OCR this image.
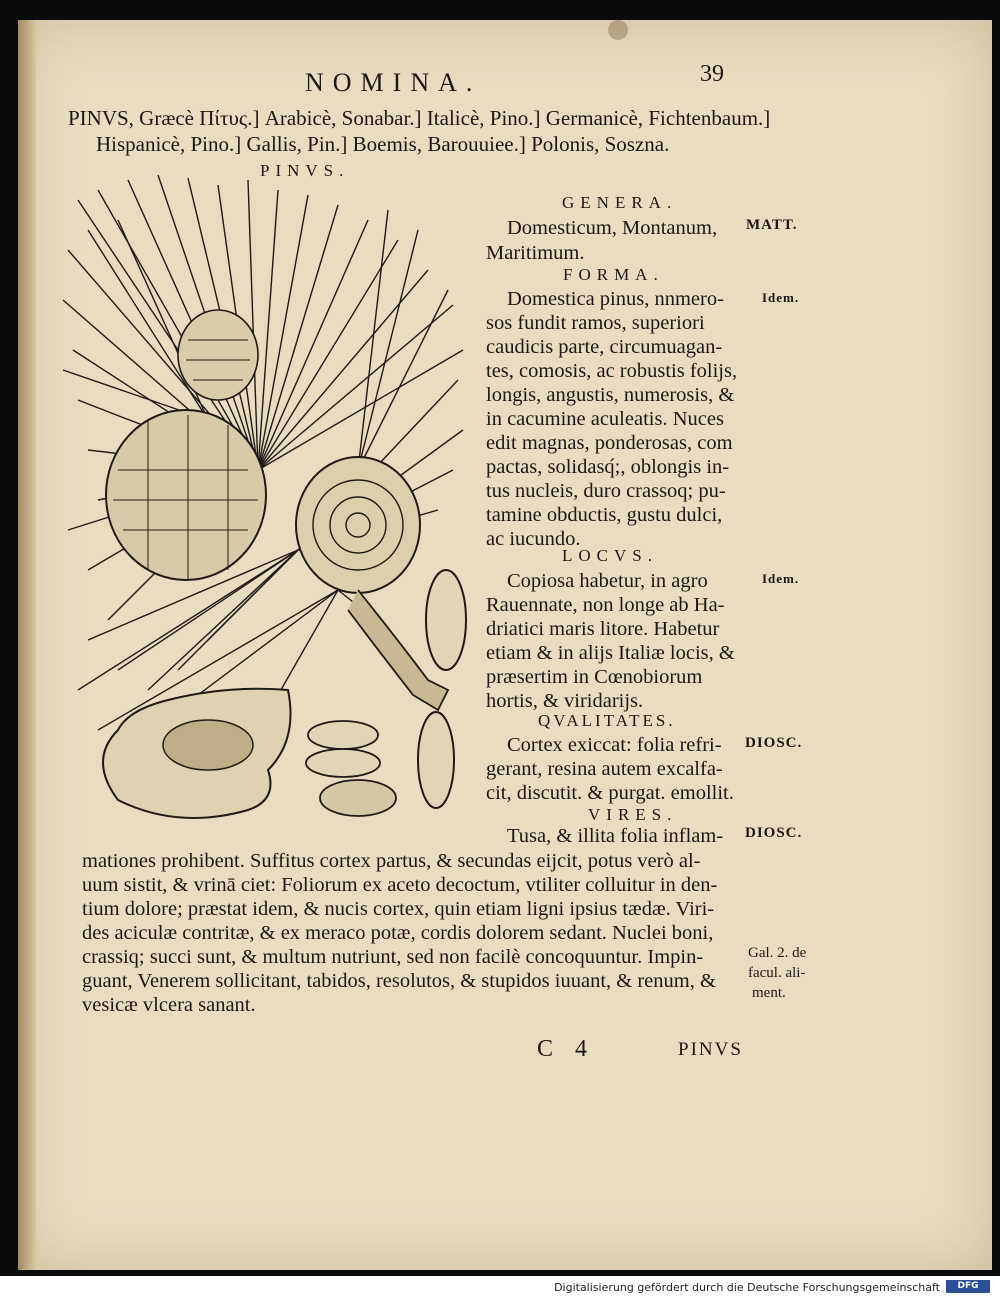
NOMINA.	39
PINVS, Græcè Πίτυς.] Arabicè, Sonabar.] Italicè, Pino.] Germanicè, Fichtenbaum.]
Hispanicè, Pino.] Gallis, Pin.] Boemis, Barouuiee.] Polonis, Soszna.
PINVS.
GENERA.
Domesticum, Montanum,
Maritimum.
FORMA.
Domestica pinus, nnmero-
sos fundit ramos, superiori
caudicis parte, circumuagan-
tes, comosis, ac robustis folijs,
longis, angustis, numerosis, &
in cacumine aculeatis. Nuces
edit magnas, ponderosas, com
pactas, solidasq́;, oblongis in-
tus nucleis, duro crassoq; pu-
tamine obductis, gustu dulci,
ac iucundo.
LOCVS.
Copiosa habetur, in agro
Rauennate, non longe ab Ha-
driatici maris litore. Habetur
etiam & in alijs Italiæ locis, &
præsertim in Cœnobiorum
hortis, & viridarijs.
QVALITATES.
Cortex exiccat: folia refri-
gerant, resina autem excalfa-
cit, discutit. & purgat. emollit.
VIRES.
Tusa, & illita folia inflam-
mationes prohibent. Suffitus cortex partus, & secundas eijcit, potus verò al-
uum sistit, & vrinā ciet: Foliorum ex aceto decoctum, vtiliter colluitur in den-
tium dolore; præstat idem, & nucis cortex, quin etiam ligni ipsius tædæ. Viri-
des aciculæ contritæ, & ex meraco potæ, cordis dolorem sedant. Nuclei boni,
crassiq; succi sunt, & multum nutriunt, sed non facilè concoquuntur. Impin-
guant, Venerem sollicitant, tabidos, resolutos, & stupidos iuuant, & renum, &
vesicæ vlcera sanant.
MATT.
Idem.
Idem.
DIOSC.
DIOSC.
Gal. 2. de
facul. ali-
ment.
C 4	PINVS
Digitalisierung gefördert durch die Deutsche Forschungsgemeinschaft	DFG
